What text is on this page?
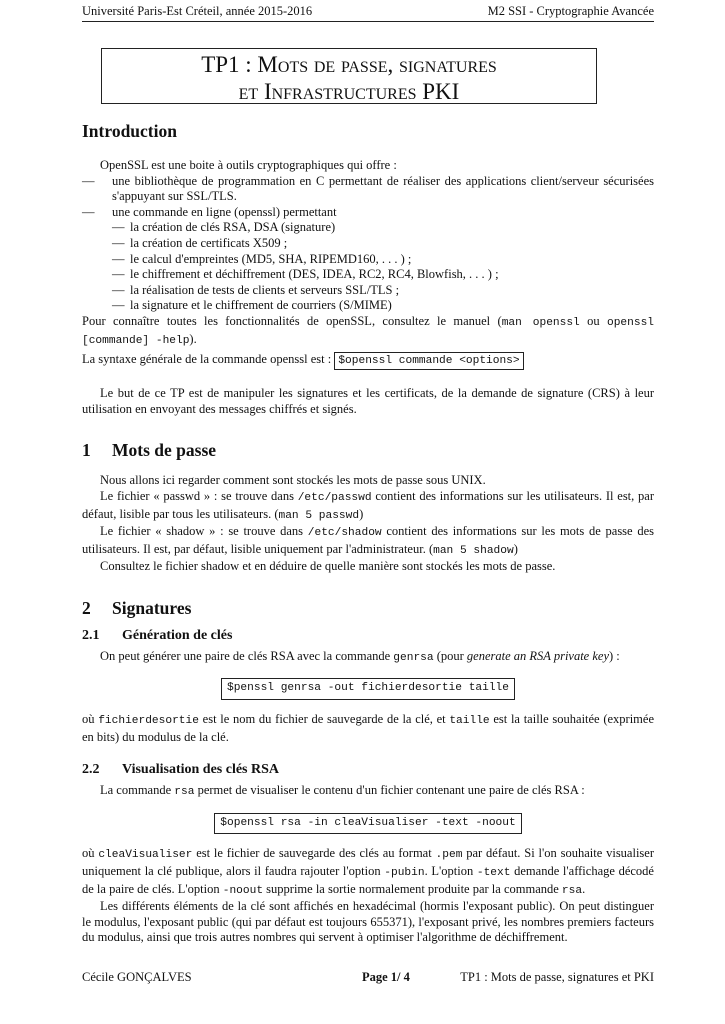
Université Paris-Est Créteil, année 2015-2016	M2 SSI - Cryptographie Avancée
TP1 : Mots de passe, signatures
et Infrastructures PKI
Introduction

OpenSSL est une boite à outils cryptographiques qui offre :

— une bibliothèque de programmation en C permettant de réaliser des applications client/serveur sécurisées s'appuyant sur SSL/TLS.
— une commande en ligne (openssl) permettant
— la création de clés RSA, DSA (signature)
— la création de certificats X509 ;
— le calcul d'empreintes (MD5, SHA, RIPEMD160, . . . ) ;
— le chiffrement et déchiffrement (DES, IDEA, RC2, RC4, Blowfish, . . . ) ;
— la réalisation de tests de clients et serveurs SSL/TLS ;
— la signature et le chiffrement de courriers (S/MIME)

Pour connaître toutes les fonctionnalités de openSSL, consultez le manuel (man openssl ou openssl [commande] -help).

La syntaxe générale de la commande openssl est : $openssl commande <options>

Le but de ce TP est de manipuler les signatures et les certificats, de la demande de signature (CRS) à leur utilisation en envoyant des messages chiffrés et signés.

1 Mots de passe

Nous allons ici regarder comment sont stockés les mots de passe sous UNIX.

Le fichier « passwd » : se trouve dans /etc/passwd contient des informations sur les utilisateurs. Il est, par défaut, lisible par tous les utilisateurs. (man 5 passwd)

Le fichier « shadow » : se trouve dans /etc/shadow contient des informations sur les mots de passe des utilisateurs. Il est, par défaut, lisible uniquement par l'administrateur. (man 5 shadow)

Consultez le fichier shadow et en déduire de quelle manière sont stockés les mots de passe.

2 Signatures
2.1 Génération de clés

On peut générer une paire de clés RSA avec la commande genrsa (pour generate an RSA private key) :

$penssl genrsa -out fichierdesortie taille

où fichierdesortie est le nom du fichier de sauvegarde de la clé, et taille est la taille souhaitée (exprimée en bits) du modulus de la clé.

2.2 Visualisation des clés RSA

La commande rsa permet de visualiser le contenu d'un fichier contenant une paire de clés RSA :

$openssl rsa -in cleaVisualiser -text -noout

où cleaVisualiser est le fichier de sauvegarde des clés au format .pem par défaut. Si l'on souhaite visualiser uniquement la clé publique, alors il faudra rajouter l'option -pubin. L'option -text demande l'affichage décodé de la paire de clés. L'option -noout supprime la sortie normalement produite par la commande rsa.

Les différents éléments de la clé sont affichés en hexadécimal (hormis l'exposant public). On peut distinguer le modulus, l'exposant public (qui par défaut est toujours 655371), l'exposant privé, les nombres premiers facteurs du modulus, ainsi que trois autres nombres qui servent à optimiser l'algorithme de déchiffrement.

Cécile GONÇALVES	Page 1/ 4	TP1 : Mots de passe, signatures et PKI
